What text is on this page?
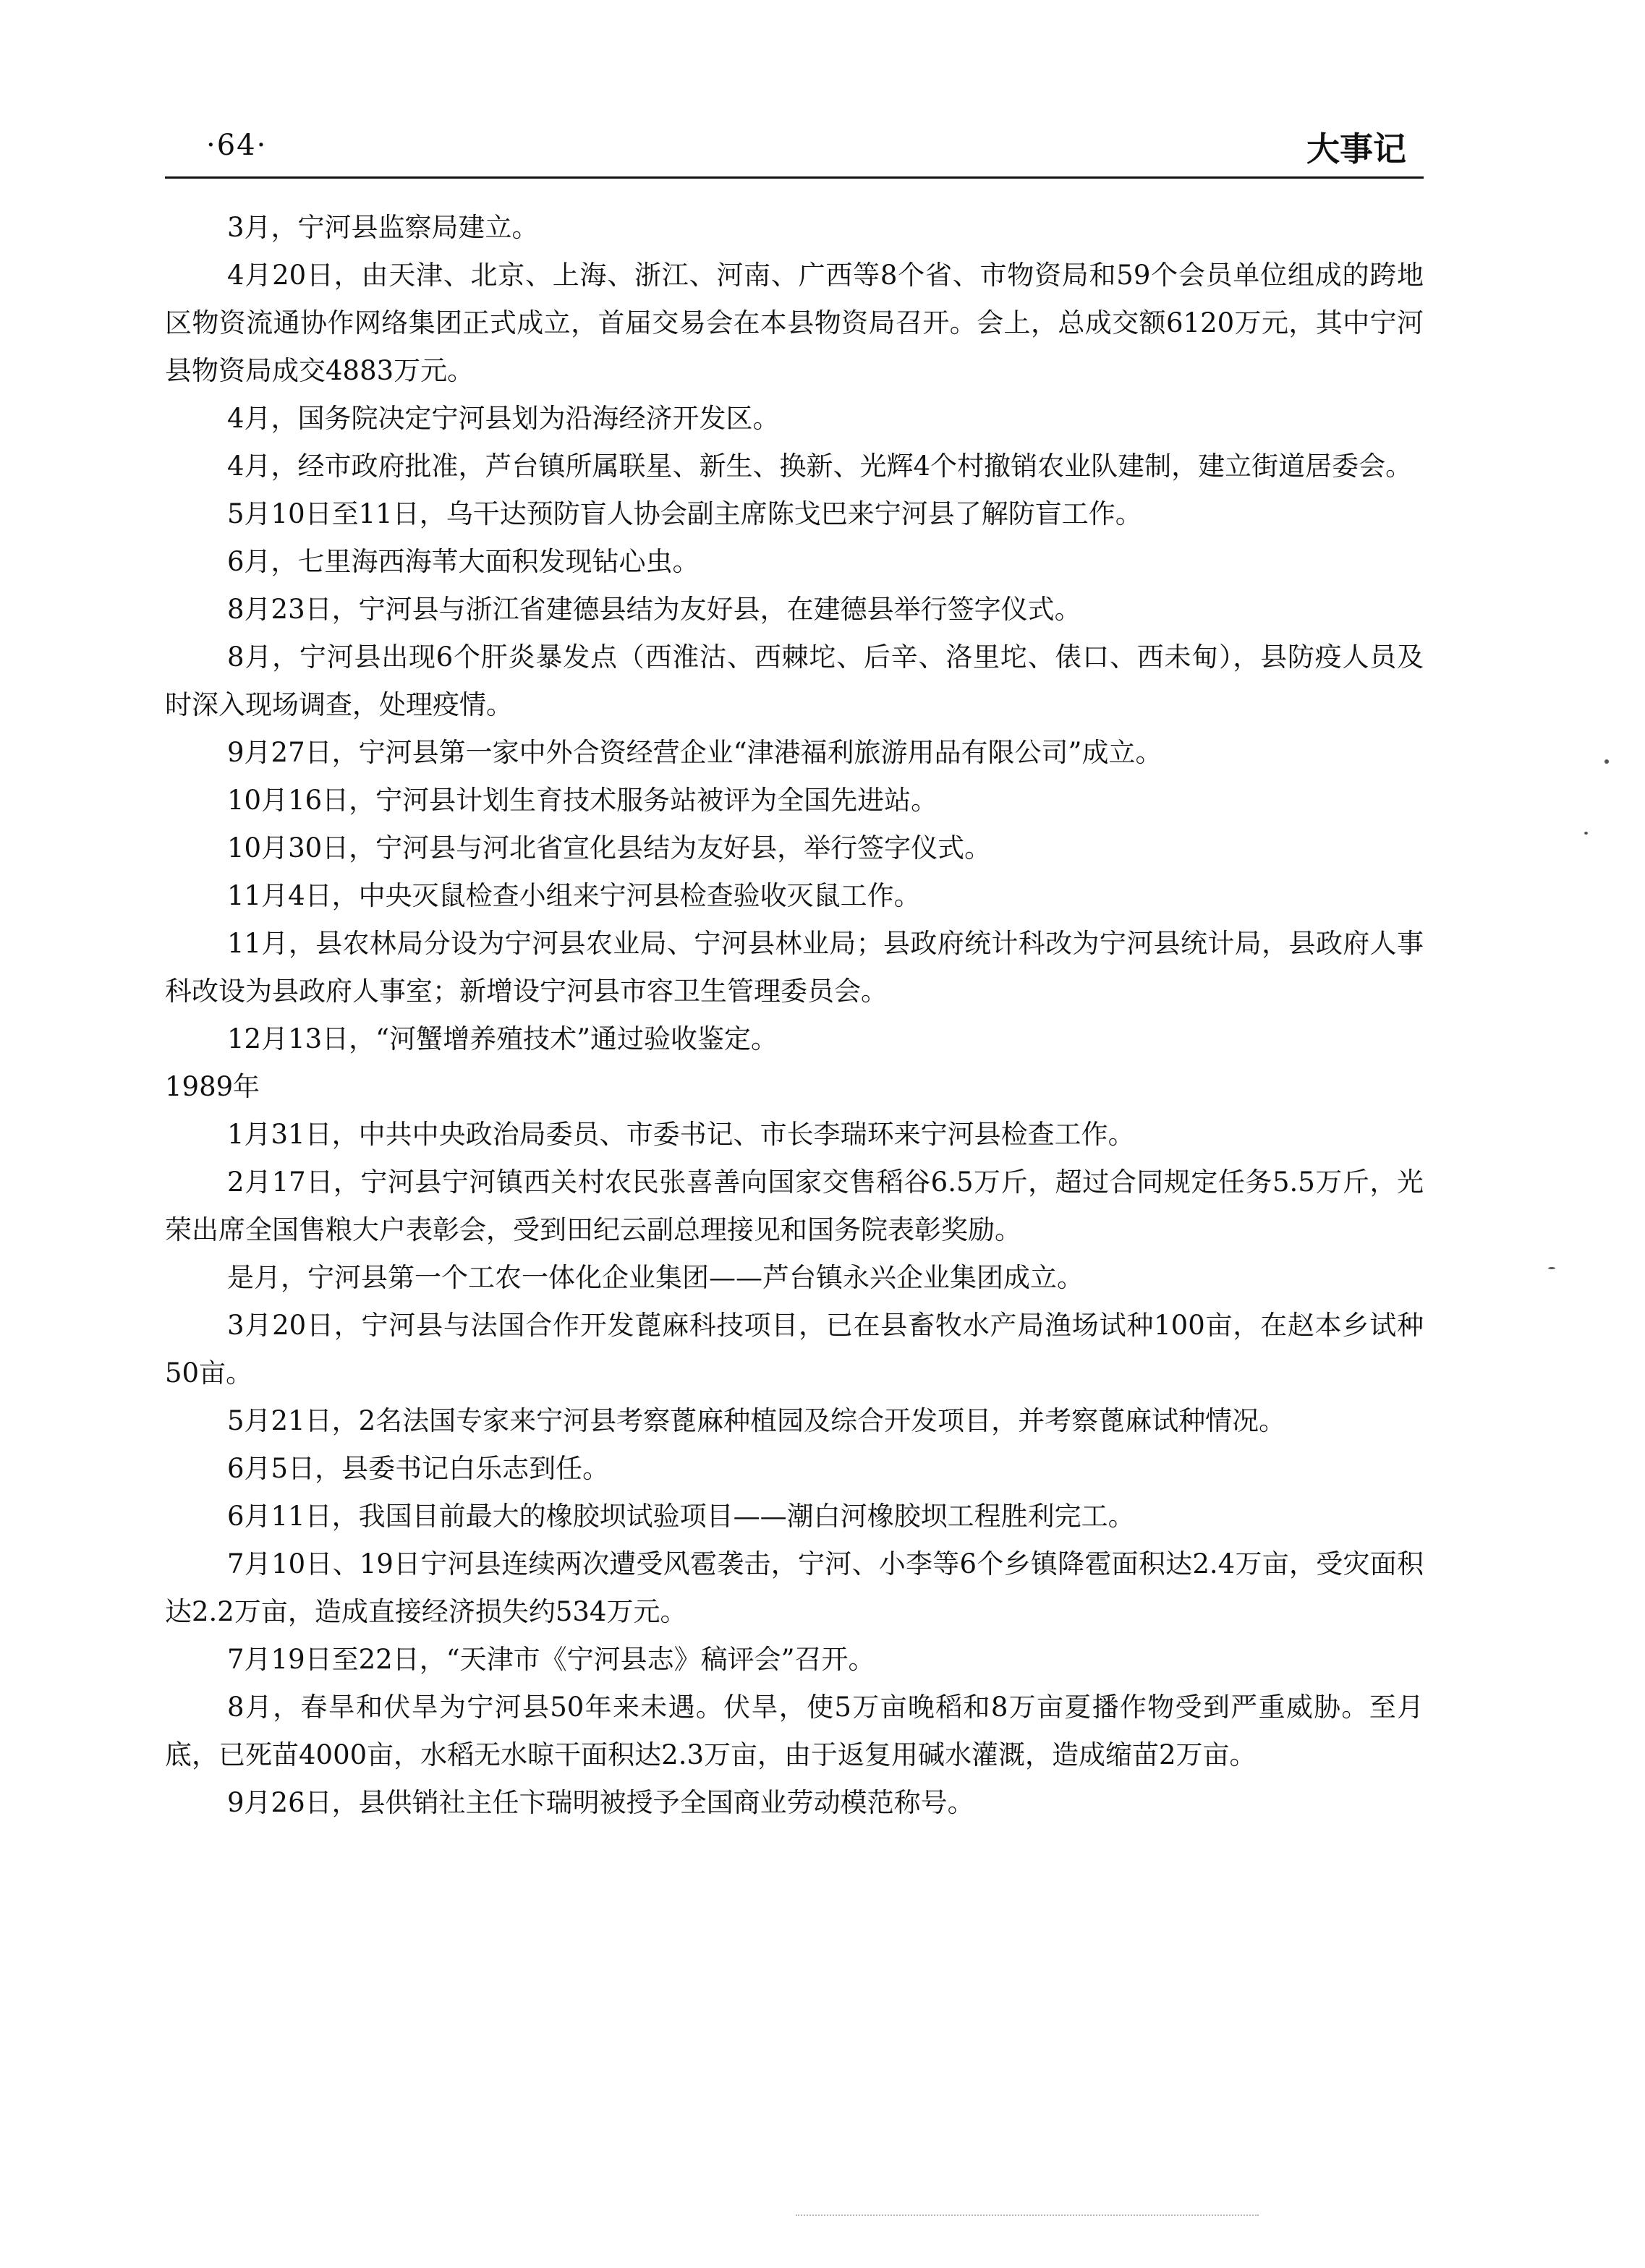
·64·	大事记

3月，宁河县监察局建立。

4月20日，由天津、北京、上海、浙江、河南、广西等8个省、市物资局和59个会员单位组成的跨地区物资流通协作网络集团正式成立，首届交易会在本县物资局召开。会上，总成交额6120万元，其中宁河县物资局成交4883万元。

4月，国务院决定宁河县划为沿海经济开发区。

4月，经市政府批准，芦台镇所属联星、新生、换新、光辉4个村撤销农业队建制，建立街道居委会。

5月10日至11日，乌干达预防盲人协会副主席陈戈巴来宁河县了解防盲工作。

6月，七里海西海苇大面积发现钻心虫。

8月23日，宁河县与浙江省建德县结为友好县，在建德县举行签字仪式。

8月，宁河县出现6个肝炎暴发点（西淮沽、西棘坨、后辛、洛里坨、俵口、西未甸），县防疫人员及时深入现场调查，处理疫情。

9月27日，宁河县第一家中外合资经营企业“津港福利旅游用品有限公司”成立。

10月16日，宁河县计划生育技术服务站被评为全国先进站。

10月30日，宁河县与河北省宣化县结为友好县，举行签字仪式。

11月4日，中央灭鼠检查小组来宁河县检查验收灭鼠工作。

11月，县农林局分设为宁河县农业局、宁河县林业局；县政府统计科改为宁河县统计局，县政府人事科改设为县政府人事室；新增设宁河县市容卫生管理委员会。

12月13日，“河蟹增养殖技术”通过验收鉴定。

1989年

1月31日，中共中央政治局委员、市委书记、市长李瑞环来宁河县检查工作。

2月17日，宁河县宁河镇西关村农民张喜善向国家交售稻谷6.5万斤，超过合同规定任务5.5万斤，光荣出席全国售粮大户表彰会，受到田纪云副总理接见和国务院表彰奖励。

是月，宁河县第一个工农一体化企业集团——芦台镇永兴企业集团成立。

3月20日，宁河县与法国合作开发蓖麻科技项目，已在县畜牧水产局渔场试种100亩，在赵本乡试种50亩。

5月21日，2名法国专家来宁河县考察蓖麻种植园及综合开发项目，并考察蓖麻试种情况。

6月5日，县委书记白乐志到任。

6月11日，我国目前最大的橡胶坝试验项目——潮白河橡胶坝工程胜利完工。

7月10日、19日宁河县连续两次遭受风雹袭击，宁河、小李等6个乡镇降雹面积达2.4万亩，受灾面积达2.2万亩，造成直接经济损失约534万元。

7月19日至22日，“天津市《宁河县志》稿评会”召开。

8月，春旱和伏旱为宁河县50年来未遇。伏旱，使5万亩晚稻和8万亩夏播作物受到严重威胁。至月底，已死苗4000亩，水稻无水晾干面积达2.3万亩，由于返复用碱水灌溉，造成缩苗2万亩。

9月26日，县供销社主任卞瑞明被授予全国商业劳动模范称号。
